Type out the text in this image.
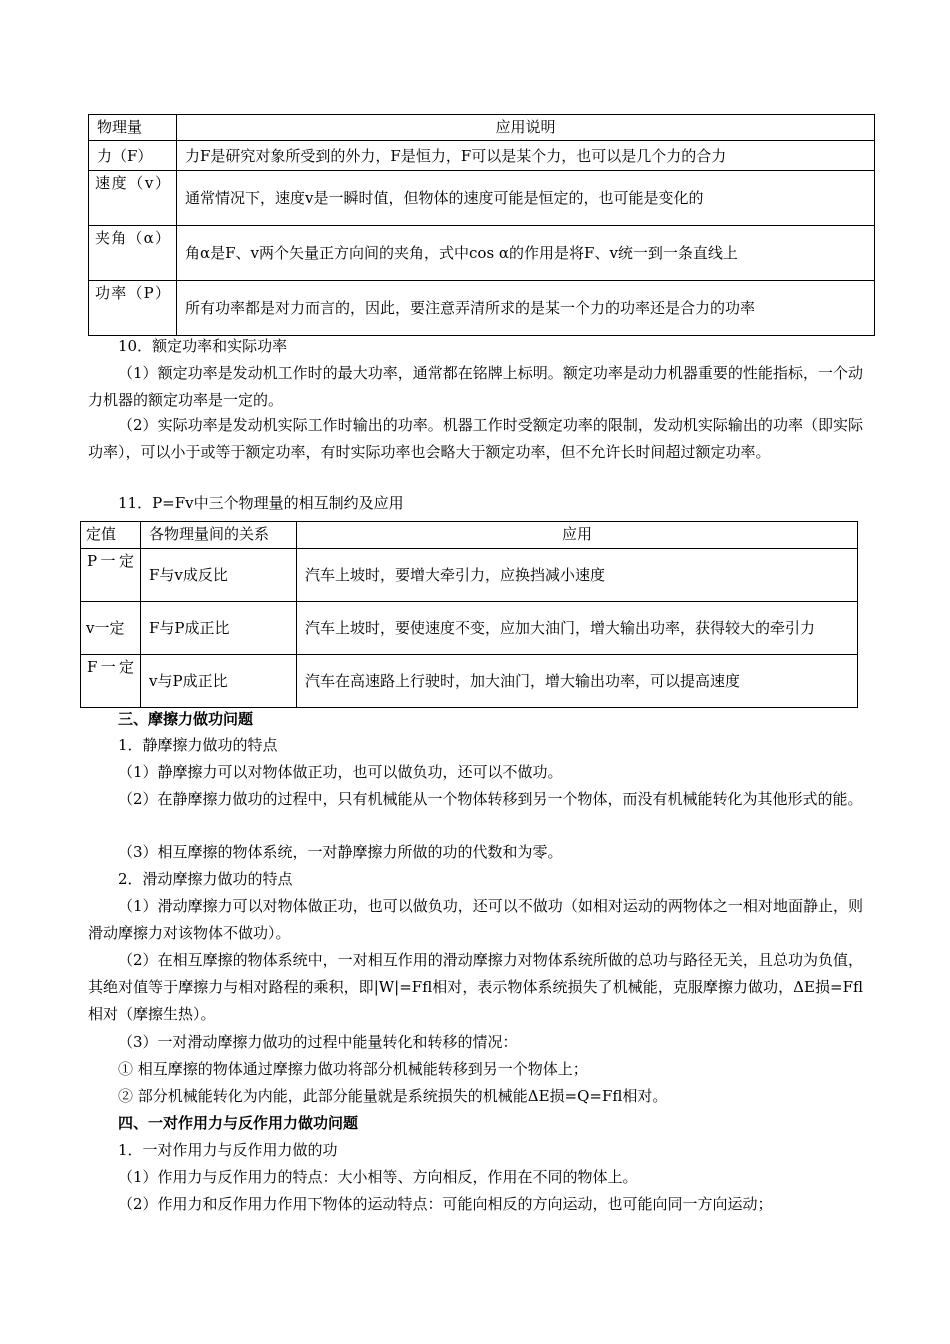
物理量	应用说明
力（F）	力F是研究对象所受到的外力，F是恒力，F可以是某个力，也可以是几个力的合力
速度（v）	通常情况下，速度v是一瞬时值，但物体的速度可能是恒定的，也可能是变化的
夹角（α）	角α是F、v两个矢量正方向间的夹角，式中cos α的作用是将F、v统一到一条直线上
功率（P）	所有功率都是对力而言的，因此，要注意弄清所求的是某一个力的功率还是合力的功率

10．额定功率和实际功率

（1）额定功率是发动机工作时的最大功率，通常都在铭牌上标明。额定功率是动力机器重要的性能指标，一个动力机器的额定功率是一定的。

（2）实际功率是发动机实际工作时输出的功率。机器工作时受额定功率的限制，发动机实际输出的功率（即实际功率），可以小于或等于额定功率，有时实际功率也会略大于额定功率，但不允许长时间超过额定功率。

11．P=Fv中三个物理量的相互制约及应用

定值	各物理量间的关系	应用
P一定	F与v成反比	汽车上坡时，要增大牵引力，应换挡减小速度
v一定	F与P成正比	汽车上坡时，要使速度不变，应加大油门，增大输出功率，获得较大的牵引力
F一定	v与P成正比	汽车在高速路上行驶时，加大油门，增大输出功率，可以提高速度

三、摩擦力做功问题

1．静摩擦力做功的特点

（1）静摩擦力可以对物体做正功，也可以做负功，还可以不做功。

（2）在静摩擦力做功的过程中，只有机械能从一个物体转移到另一个物体，而没有机械能转化为其他形式的能。

（3）相互摩擦的物体系统，一对静摩擦力所做的功的代数和为零。

2．滑动摩擦力做功的特点

（1）滑动摩擦力可以对物体做正功，也可以做负功，还可以不做功（如相对运动的两物体之一相对地面静止，则滑动摩擦力对该物体不做功）。

（2）在相互摩擦的物体系统中，一对相互作用的滑动摩擦力对物体系统所做的总功与路径无关，且总功为负值，其绝对值等于摩擦力与相对路程的乘积，即|W|=Ffl相对，表示物体系统损失了机械能，克服摩擦力做功，ΔE损=Ffl相对（摩擦生热）。

（3）一对滑动摩擦力做功的过程中能量转化和转移的情况：

① 相互摩擦的物体通过摩擦力做功将部分机械能转移到另一个物体上；

② 部分机械能转化为内能，此部分能量就是系统损失的机械能ΔE损=Q=Ffl相对。

四、一对作用力与反作用力做功问题

1．一对作用力与反作用力做的功

（1）作用力与反作用力的特点：大小相等、方向相反，作用在不同的物体上。

（2）作用力和反作用力作用下物体的运动特点：可能向相反的方向运动，也可能向同一方向运动；
